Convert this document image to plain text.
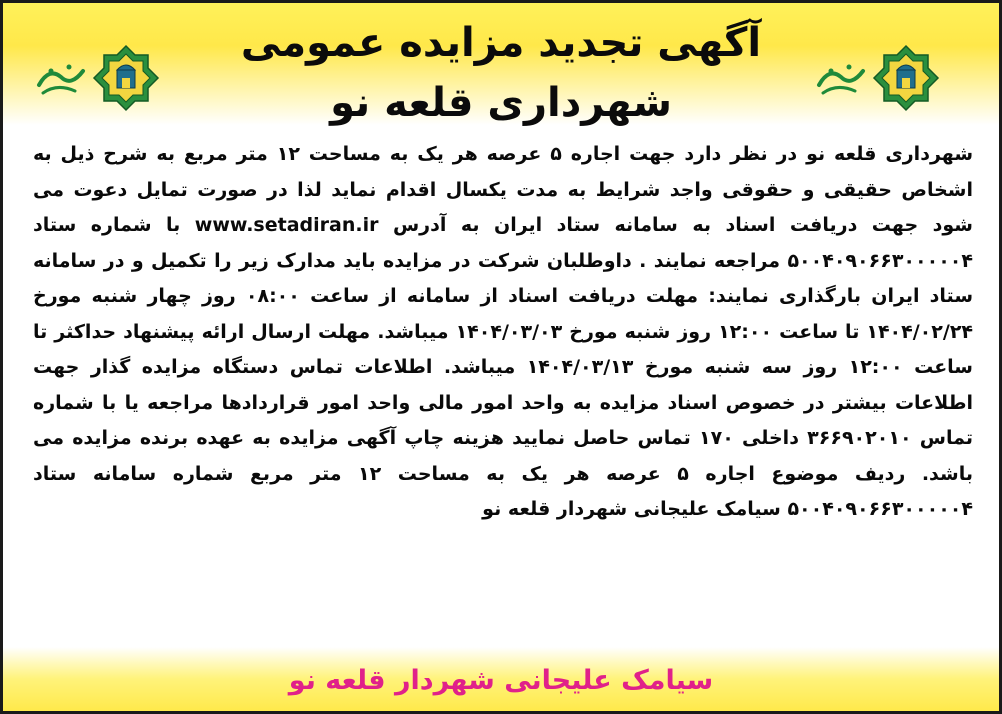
آگهی تجدید مزایده عمومی شهرداری قلعه نو

شهرداری قلعه نو در نظر دارد جهت اجاره ۵ عرصه هر یک به مساحت ۱۲ متر مربع به شرح ذیل به اشخاص حقیقی و حقوقی واجد شرایط به مدت یکسال اقدام نماید لذا در صورت تمایل دعوت می شود جهت دریافت اسناد به سامانه ستاد ایران به آدرس www.setadiran.ir با شماره ستاد ۵۰۰۴۰۹۰۶۶۳۰۰۰۰۰۴ مراجعه نمایند . داوطلبان شرکت در مزایده باید مدارک زیر را تکمیل و در سامانه ستاد ایران بارگذاری نمایند: مهلت دریافت اسناد از سامانه از ساعت ۰۸:۰۰ روز چهار شنبه مورخ ۱۴۰۴/۰۲/۲۴ تا ساعت ۱۲:۰۰ روز شنبه مورخ ۱۴۰۴/۰۳/۰۳ میباشد. مهلت ارسال ارائه پیشنهاد حداکثر تا ساعت ۱۲:۰۰ روز سه شنبه مورخ ۱۴۰۴/۰۳/۱۳ میباشد. اطلاعات تماس دستگاه مزایده گذار جهت اطلاعات بیشتر در خصوص اسناد مزایده به واحد امور مالی واحد امور قراردادها مراجعه یا با شماره تماس ۳۶۶۹۰۲۰۱۰ داخلی ۱۷۰ تماس حاصل نمایید هزینه چاپ آگهی مزایده به عهده برنده مزایده می باشد. ردیف موضوع اجاره ۵ عرصه هر یک به مساحت ۱۲ متر مربع شماره سامانه ستاد ۵۰۰۴۰۹۰۶۶۳۰۰۰۰۰۴ سیامک علیجانی شهردار قلعه نو

سیامک علیجانی شهردار قلعه نو
